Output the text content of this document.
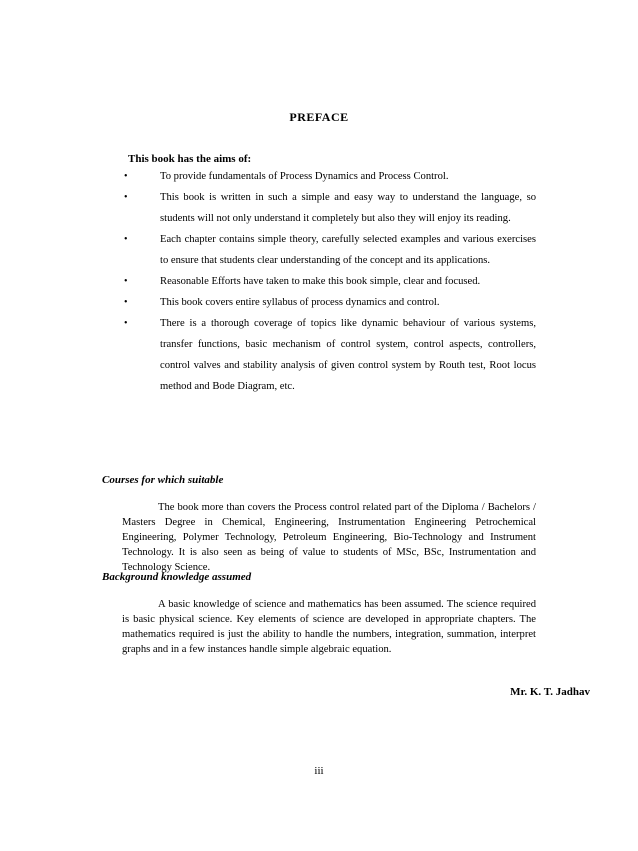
PREFACE
This book has the aims of:
•	To provide fundamentals of Process Dynamics and Process Control.
•	This book is written in such a simple and easy way to understand the language, so students will not only understand it completely but also they will enjoy its reading.
•	Each chapter contains simple theory, carefully selected examples and various exercises to ensure that students clear understanding of the concept and its applications.
•	Reasonable Efforts have taken to make this book simple, clear and focused.
•	This book covers entire syllabus of process dynamics and control.
•	There is a thorough coverage of topics like dynamic behaviour of various systems, transfer functions, basic mechanism of control system, control aspects, controllers, control valves and stability analysis of given control system by Routh test, Root locus method and Bode Diagram, etc.
Courses for which suitable
The book more than covers the Process control related part of the Diploma / Bachelors / Masters Degree in Chemical, Engineering, Instrumentation Engineering Petrochemical Engineering, Polymer Technology, Petroleum Engineering, Bio-Technology and Instrument Technology. It is also seen as being of value to students of MSc, BSc, Instrumentation and Technology Science.
Background knowledge assumed
A basic knowledge of science and mathematics has been assumed. The science required is basic physical science. Key elements of science are developed in appropriate chapters. The mathematics required is just the ability to handle the numbers, integration, summation, interpret graphs and in a few instances handle simple algebraic equation.
Mr. K. T. Jadhav
iii
